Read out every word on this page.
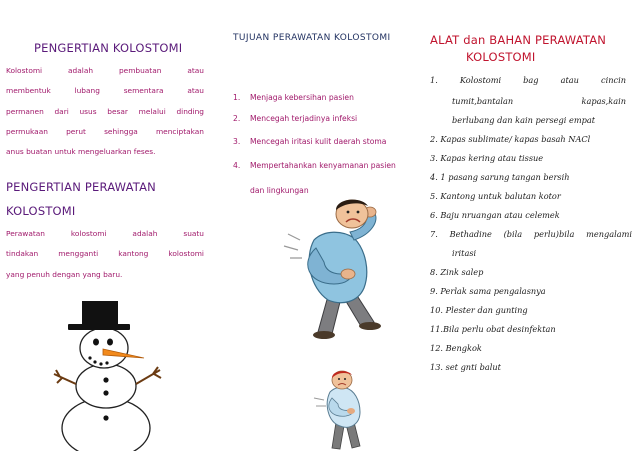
PENGERTIAN KOLOSTOMI
Kolostomi adalah pembuatan atau
membentuk lubang sementara atau
permanen dari usus besar melalui dinding
permukaan perut sehingga menciptakan
anus buatan untuk mengeluarkan feses.
PENGERTIAN PERAWATAN
KOLOSTOMI
Perawatan kolostomi adalah suatu
tindakan mengganti kantong kolostomi
yang penuh dengan yang baru.
TUJUAN PERAWATAN KOLOSTOMI
1. Menjaga kebersihan pasien
2. Mencegah terjadinya infeksi
3. Mencegah iritasi kulit daerah stoma
4. Mempertahankan kenyamanan pasien
dan lingkungan
ALAT dan BAHAN PERAWATAN
KOLOSTOMI
1. Kolostomi bag atau cincin
tumit,bantalan kapas,kain
berlubang dan kain persegi empat
2. Kapas sublimate/ kapas basah NACl
3. Kapas kering atau tissue
4. 1 pasang sarung tangan bersih
5. Kantong untuk balutan kotor
6. Baju nruangan atau celemek
7. Bethadine (bila perlu)bila mengalami
iritasi
8. Zink salep
9. Perlak sama pengalasnya
10. Plester dan gunting
11.Bila perlu obat desinfektan
12. Bengkok
13. set gnti balut
